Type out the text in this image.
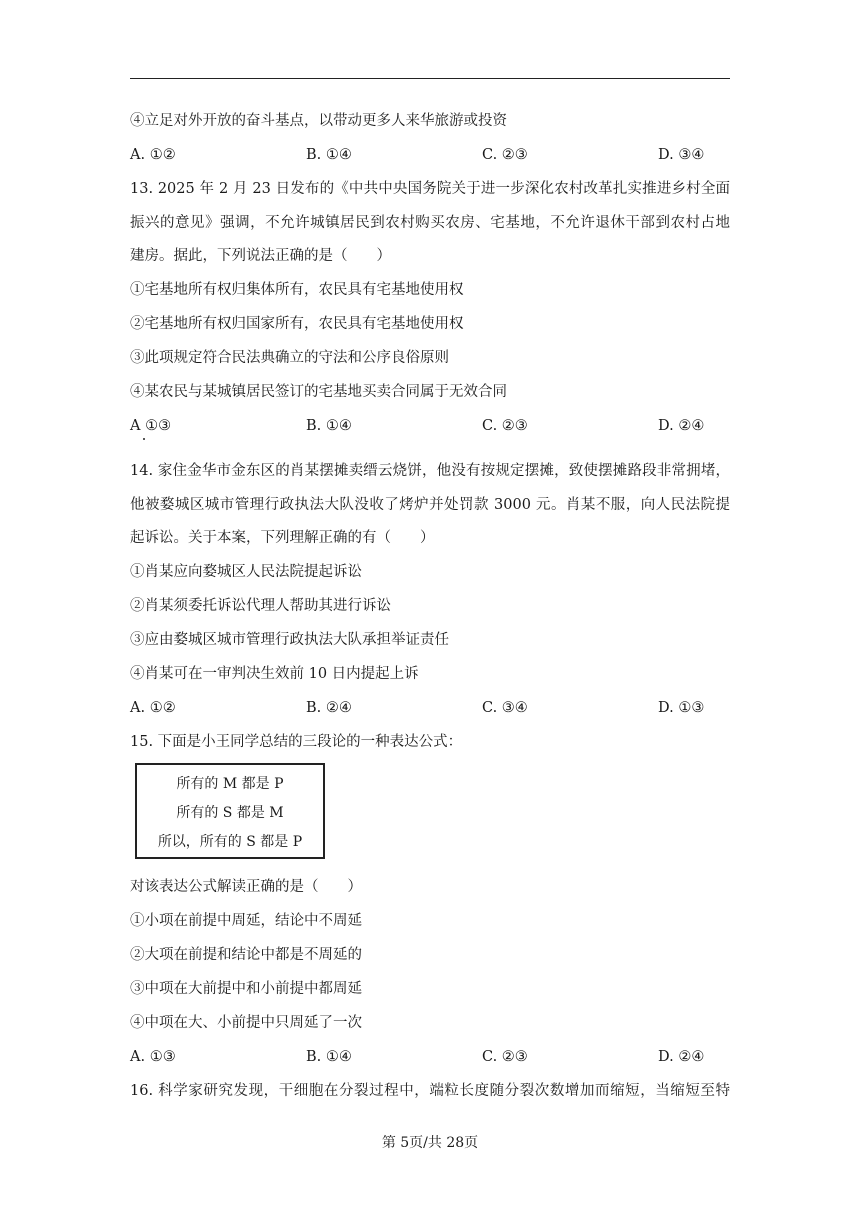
④立足对外开放的奋斗基点，以带动更多人来华旅游或投资
A. ①②	B. ①④	C. ②③	D. ③④
13. 2025 年 2 月 23 日发布的《中共中央国务院关于进一步深化农村改革扎实推进乡村全面
振兴的意见》强调，不允许城镇居民到农村购买农房、宅基地，不允许退休干部到农村占地
建房。据此，下列说法正确的是（　　）
①宅基地所有权归集体所有，农民具有宅基地使用权
②宅基地所有权归国家所有，农民具有宅基地使用权
③此项规定符合民法典确立的守法和公序良俗原则
④某农民与某城镇居民签订的宅基地买卖合同属于无效合同
A ①③	B. ①④	C. ②③	D. ②④
14. 家住金华市金东区的肖某摆摊卖缙云烧饼，他没有按规定摆摊，致使摆摊路段非常拥堵，
他被婺城区城市管理行政执法大队没收了烤炉并处罚款 3000 元。肖某不服，向人民法院提
起诉讼。关于本案，下列理解正确的有（　　）
①肖某应向婺城区人民法院提起诉讼
②肖某须委托诉讼代理人帮助其进行诉讼
③应由婺城区城市管理行政执法大队承担举证责任
④肖某可在一审判决生效前 10 日内提起上诉
A. ①②	B. ②④	C. ③④	D. ①③
15. 下面是小王同学总结的三段论的一种表达公式：
所有的 M 都是 P
所有的 S 都是 M
所以，所有的 S 都是 P
对该表达公式解读正确的是（　　）
①小项在前提中周延，结论中不周延
②大项在前提和结论中都是不周延的
③中项在大前提中和小前提中都周延
④中项在大、小前提中只周延了一次
A. ①③	B. ①④	C. ②③	D. ②④
16. 科学家研究发现，干细胞在分裂过程中，端粒长度随分裂次数增加而缩短，当缩短至特
第 5页/共 28页
